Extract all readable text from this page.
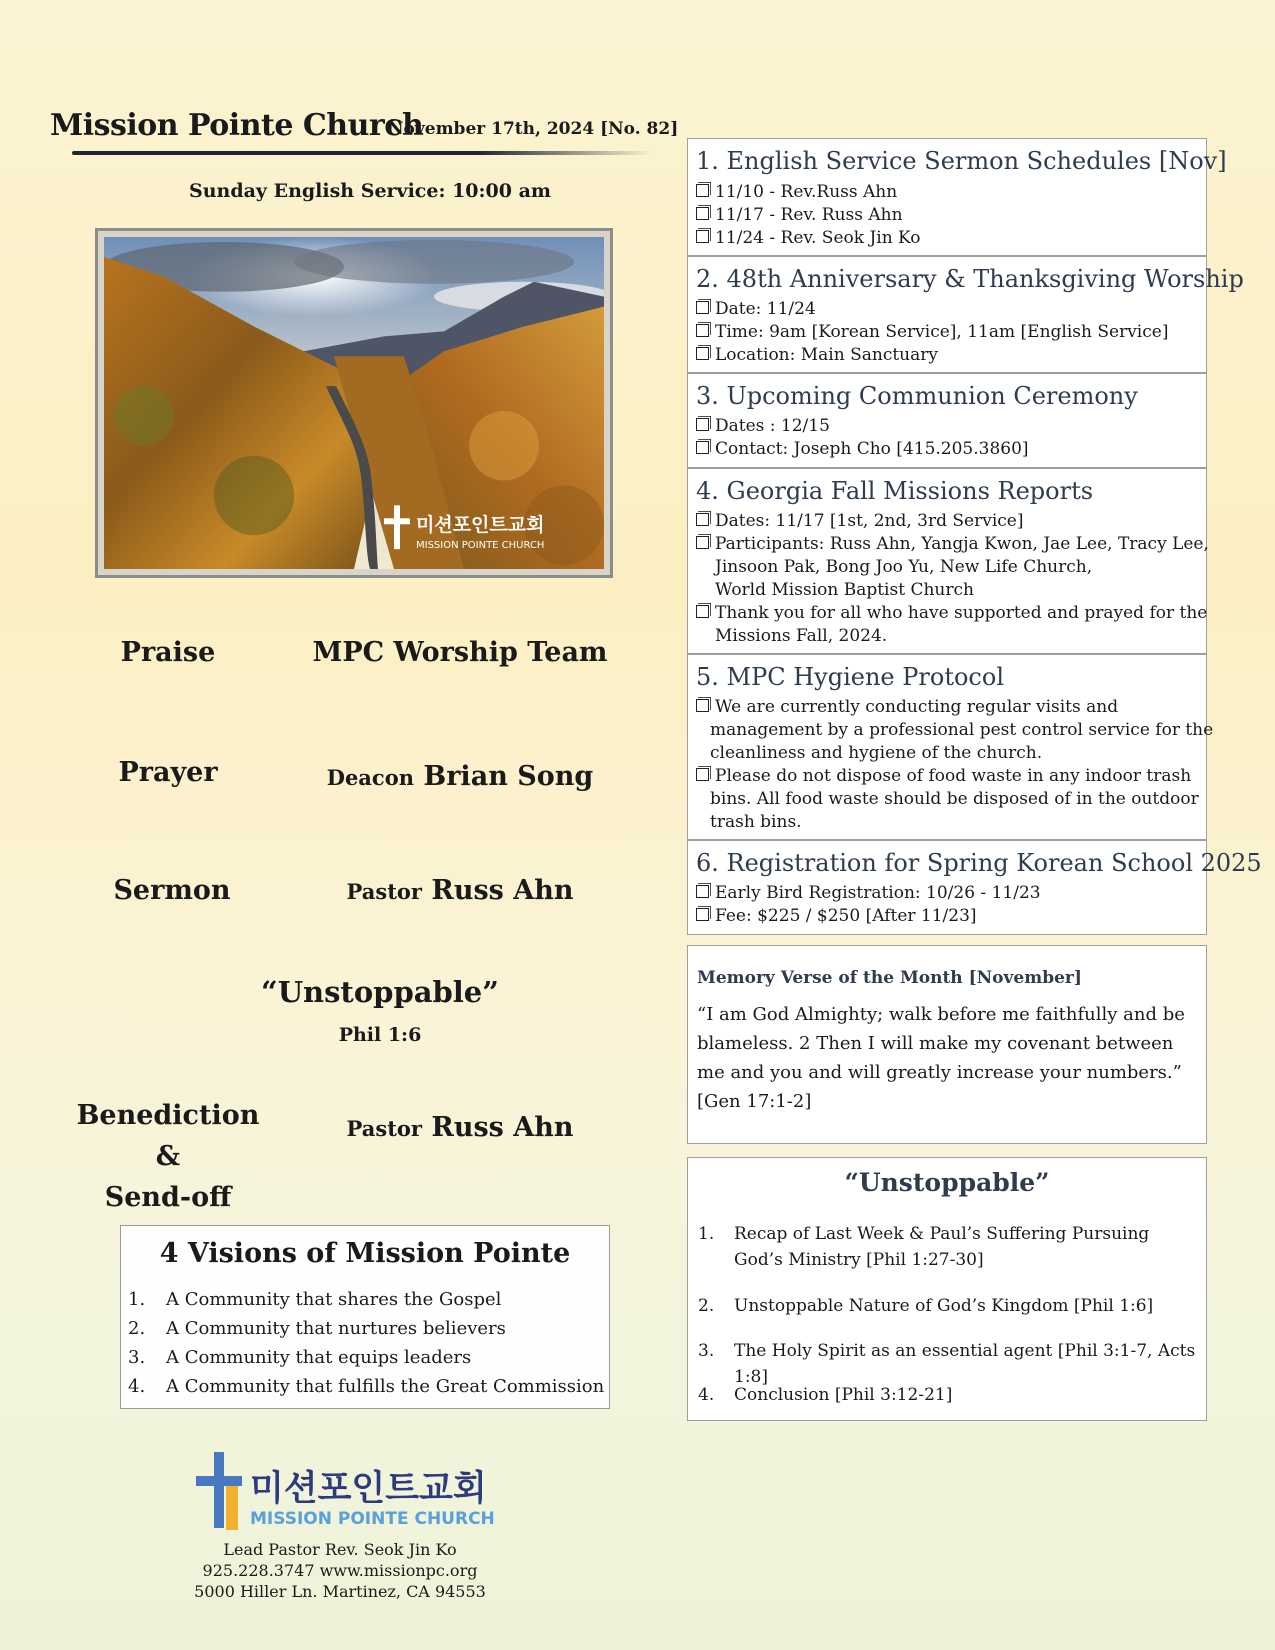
Mission Pointe Church
November 17th, 2024 [No. 82]
Sunday English Service: 10:00 am
미션포인트교회
MISSION POINTE CHURCH
Praise	MPC Worship Team
Prayer	Deacon Brian Song
Sermon	Pastor Russ Ahn
“Unstoppable”
Phil 1:6
Benediction &
Send-off
Pastor Russ Ahn
4 Visions of Mission Pointe
1. A Community that shares the Gospel
2. A Community that nurtures believers
3. A Community that equips leaders
4. A Community that fulfills the Great Commission
미션포인트교회
MISSION POINTE CHURCH
Lead Pastor Rev. Seok Jin Ko
925.228.3747 www.missionpc.org
5000 Hiller Ln. Martinez, CA 94553
1. English Service Sermon Schedules [Nov]
11/10 - Rev.Russ Ahn
11/17 - Rev. Russ Ahn
11/24 - Rev. Seok Jin Ko
2. 48th Anniversary & Thanksgiving Worship
Date: 11/24
Time: 9am [Korean Service], 11am [English Service]
Location: Main Sanctuary
3. Upcoming Communion Ceremony
Dates : 12/15
Contact: Joseph Cho [415.205.3860]
4. Georgia Fall Missions Reports
Dates: 11/17 [1st, 2nd, 3rd Service]
Participants: Russ Ahn, Yangja Kwon, Jae Lee, Tracy Lee,
Jinsoon Pak, Bong Joo Yu, New Life Church,
World Mission Baptist Church
Thank you for all who have supported and prayed for the
Missions Fall, 2024.
5. MPC Hygiene Protocol
We are currently conducting regular visits and
management by a professional pest control service for the
cleanliness and hygiene of the church.
Please do not dispose of food waste in any indoor trash
bins. All food waste should be disposed of in the outdoor
trash bins.
6. Registration for Spring Korean School 2025
Early Bird Registration: 10/26 - 11/23
Fee: $225 / $250 [After 11/23]
Memory Verse of the Month [November]
“I am God Almighty; walk before me faithfully and be blameless. 2 Then I will make my covenant between me and you and will greatly increase your numbers.”
[Gen 17:1-2]
“Unstoppable”
1. Recap of Last Week & Paul’s Suffering Pursuing God’s Ministry [Phil 1:27-30]
2. Unstoppable Nature of God’s Kingdom [Phil 1:6]
3. The Holy Spirit as an essential agent [Phil 3:1-7, Acts 1:8]
4. Conclusion [Phil 3:12-21]
